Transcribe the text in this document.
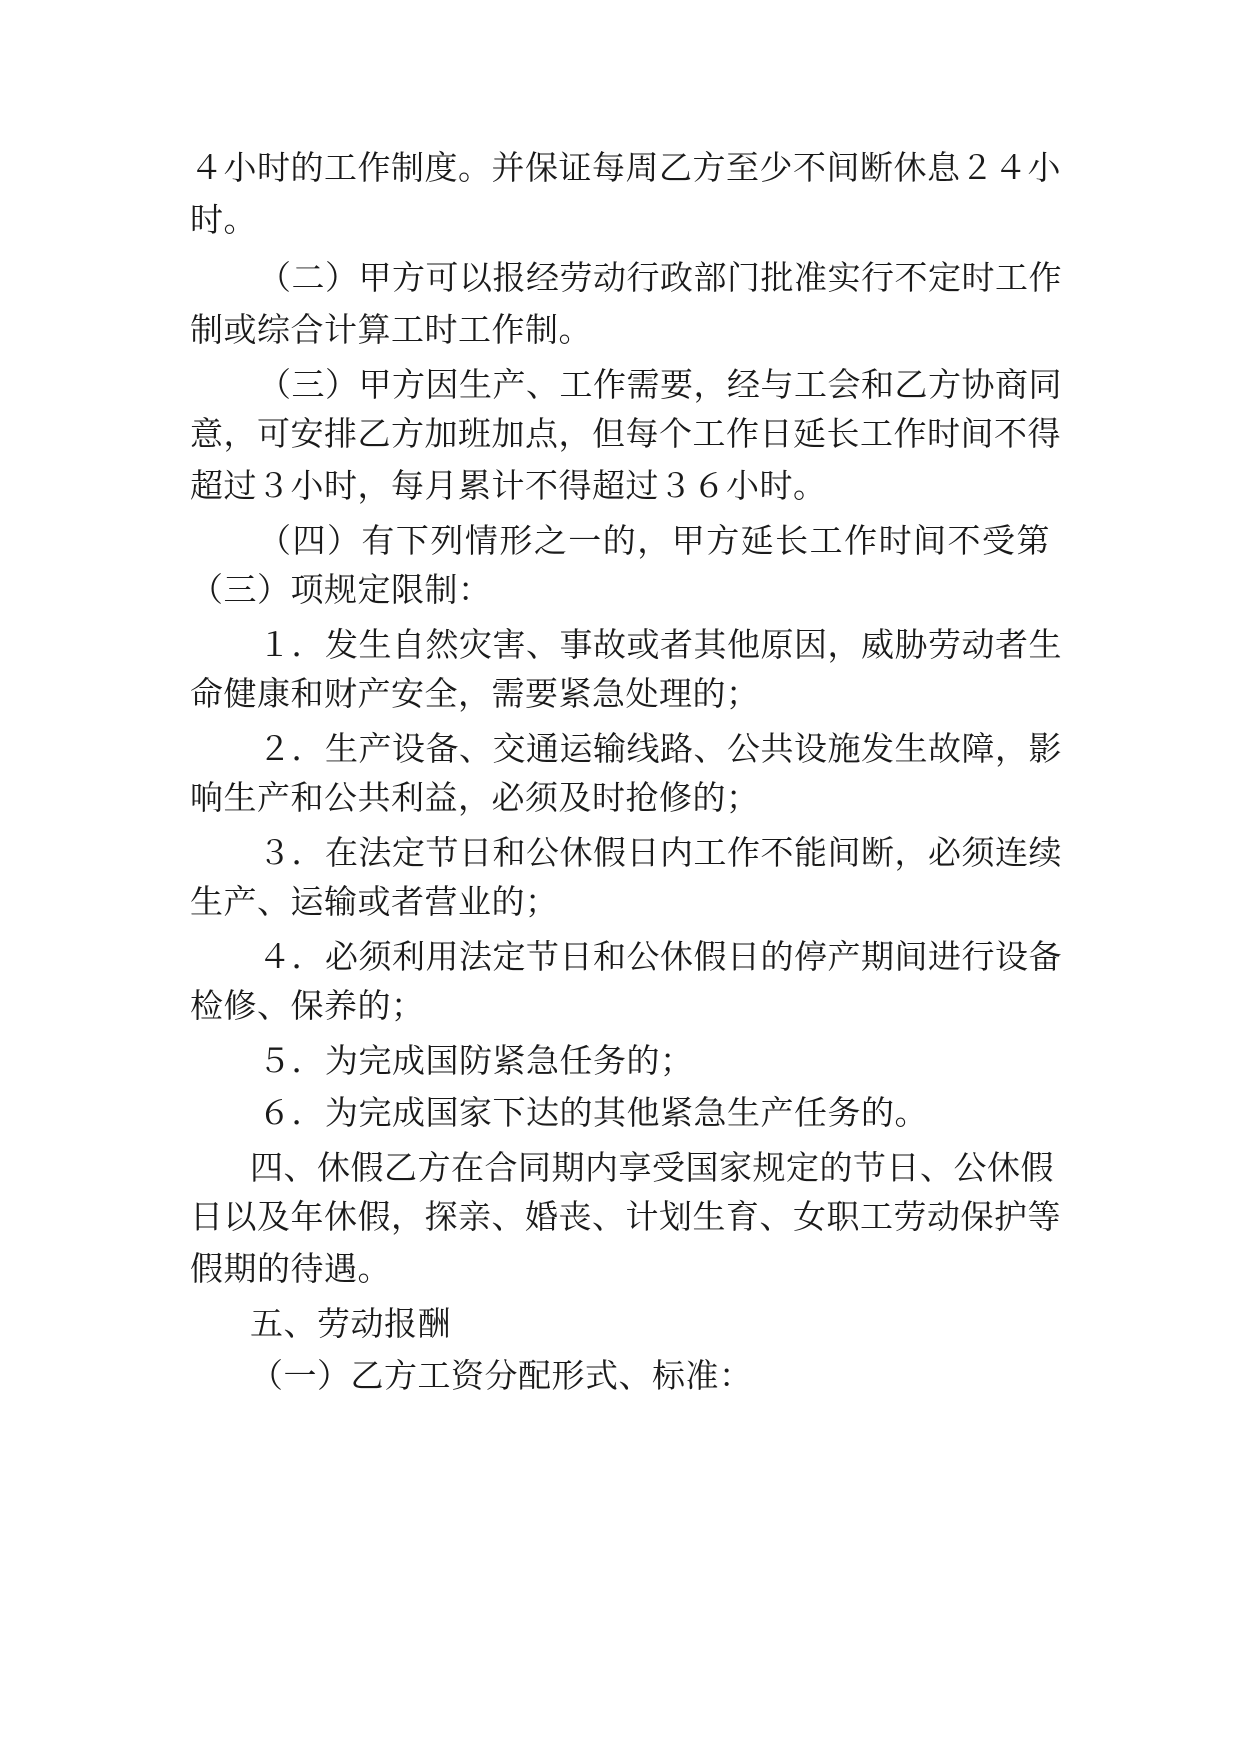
４小时的工作制度。并保证每周乙方至少不间断休息２４小
时。
（二）甲方可以报经劳动行政部门批准实行不定时工作
制或综合计算工时工作制。
（三）甲方因生产、工作需要，经与工会和乙方协商同
意，可安排乙方加班加点，但每个工作日延长工作时间不得
超过３小时，每月累计不得超过３６小时。
（四）有下列情形之一的，甲方延长工作时间不受第
（三）项规定限制：
１．发生自然灾害、事故或者其他原因，威胁劳动者生
命健康和财产安全，需要紧急处理的；
２．生产设备、交通运输线路、公共设施发生故障，影
响生产和公共利益，必须及时抢修的；
３．在法定节日和公休假日内工作不能间断，必须连续
生产、运输或者营业的；
４．必须利用法定节日和公休假日的停产期间进行设备
检修、保养的；
５．为完成国防紧急任务的；
６．为完成国家下达的其他紧急生产任务的。
四、休假乙方在合同期内享受国家规定的节日、公休假
日以及年休假，探亲、婚丧、计划生育、女职工劳动保护等
假期的待遇。
五、劳动报酬
（一）乙方工资分配形式、标准：
